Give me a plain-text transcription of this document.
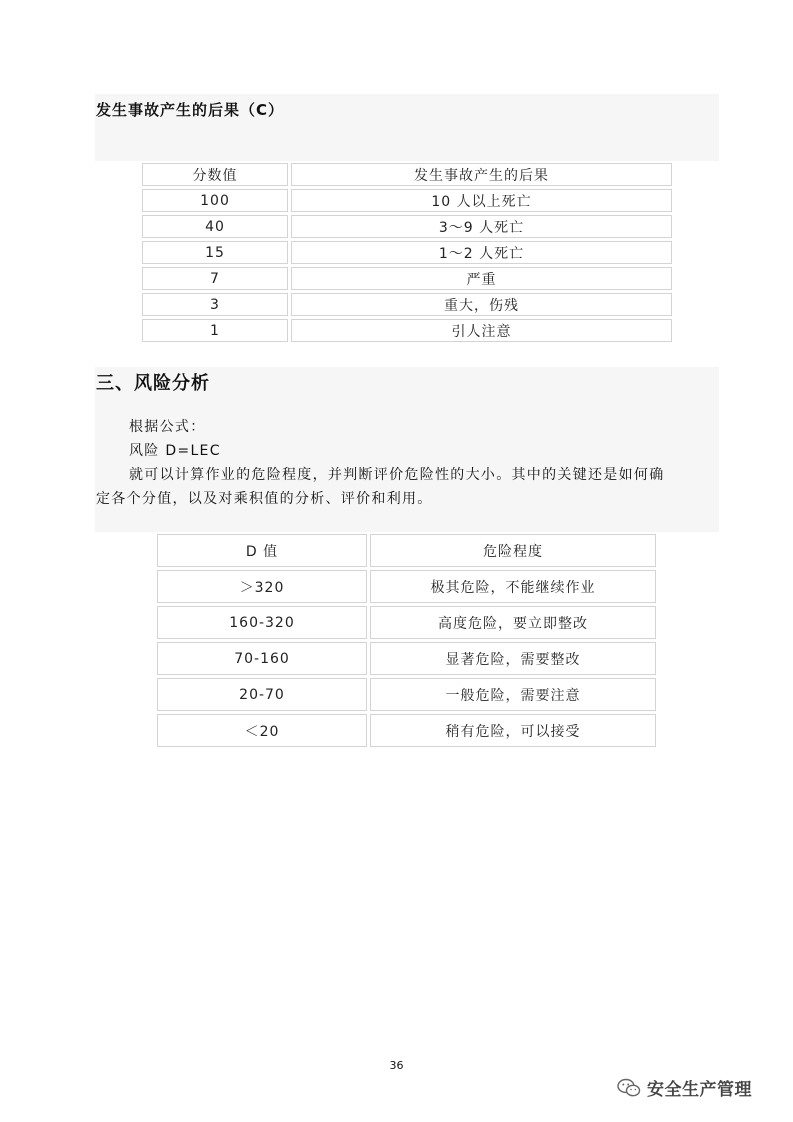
发生事故产生的后果（C）
分数值	发生事故产生的后果
100	10 人以上死亡
40	3～9 人死亡
15	1～2 人死亡
7	严重
3	重大，伤残
1	引人注意
三、风险分析
根据公式：
风险 D=LEC
就可以计算作业的危险程度，并判断评价危险性的大小。其中的关键还是如何确
定各个分值，以及对乘积值的分析、评价和利用。
D 值	危险程度
＞320	极其危险，不能继续作业
160-320	高度危险，要立即整改
70-160	显著危险，需要整改
20-70	一般危险，需要注意
＜20	稍有危险，可以接受
36
安全生产管理
